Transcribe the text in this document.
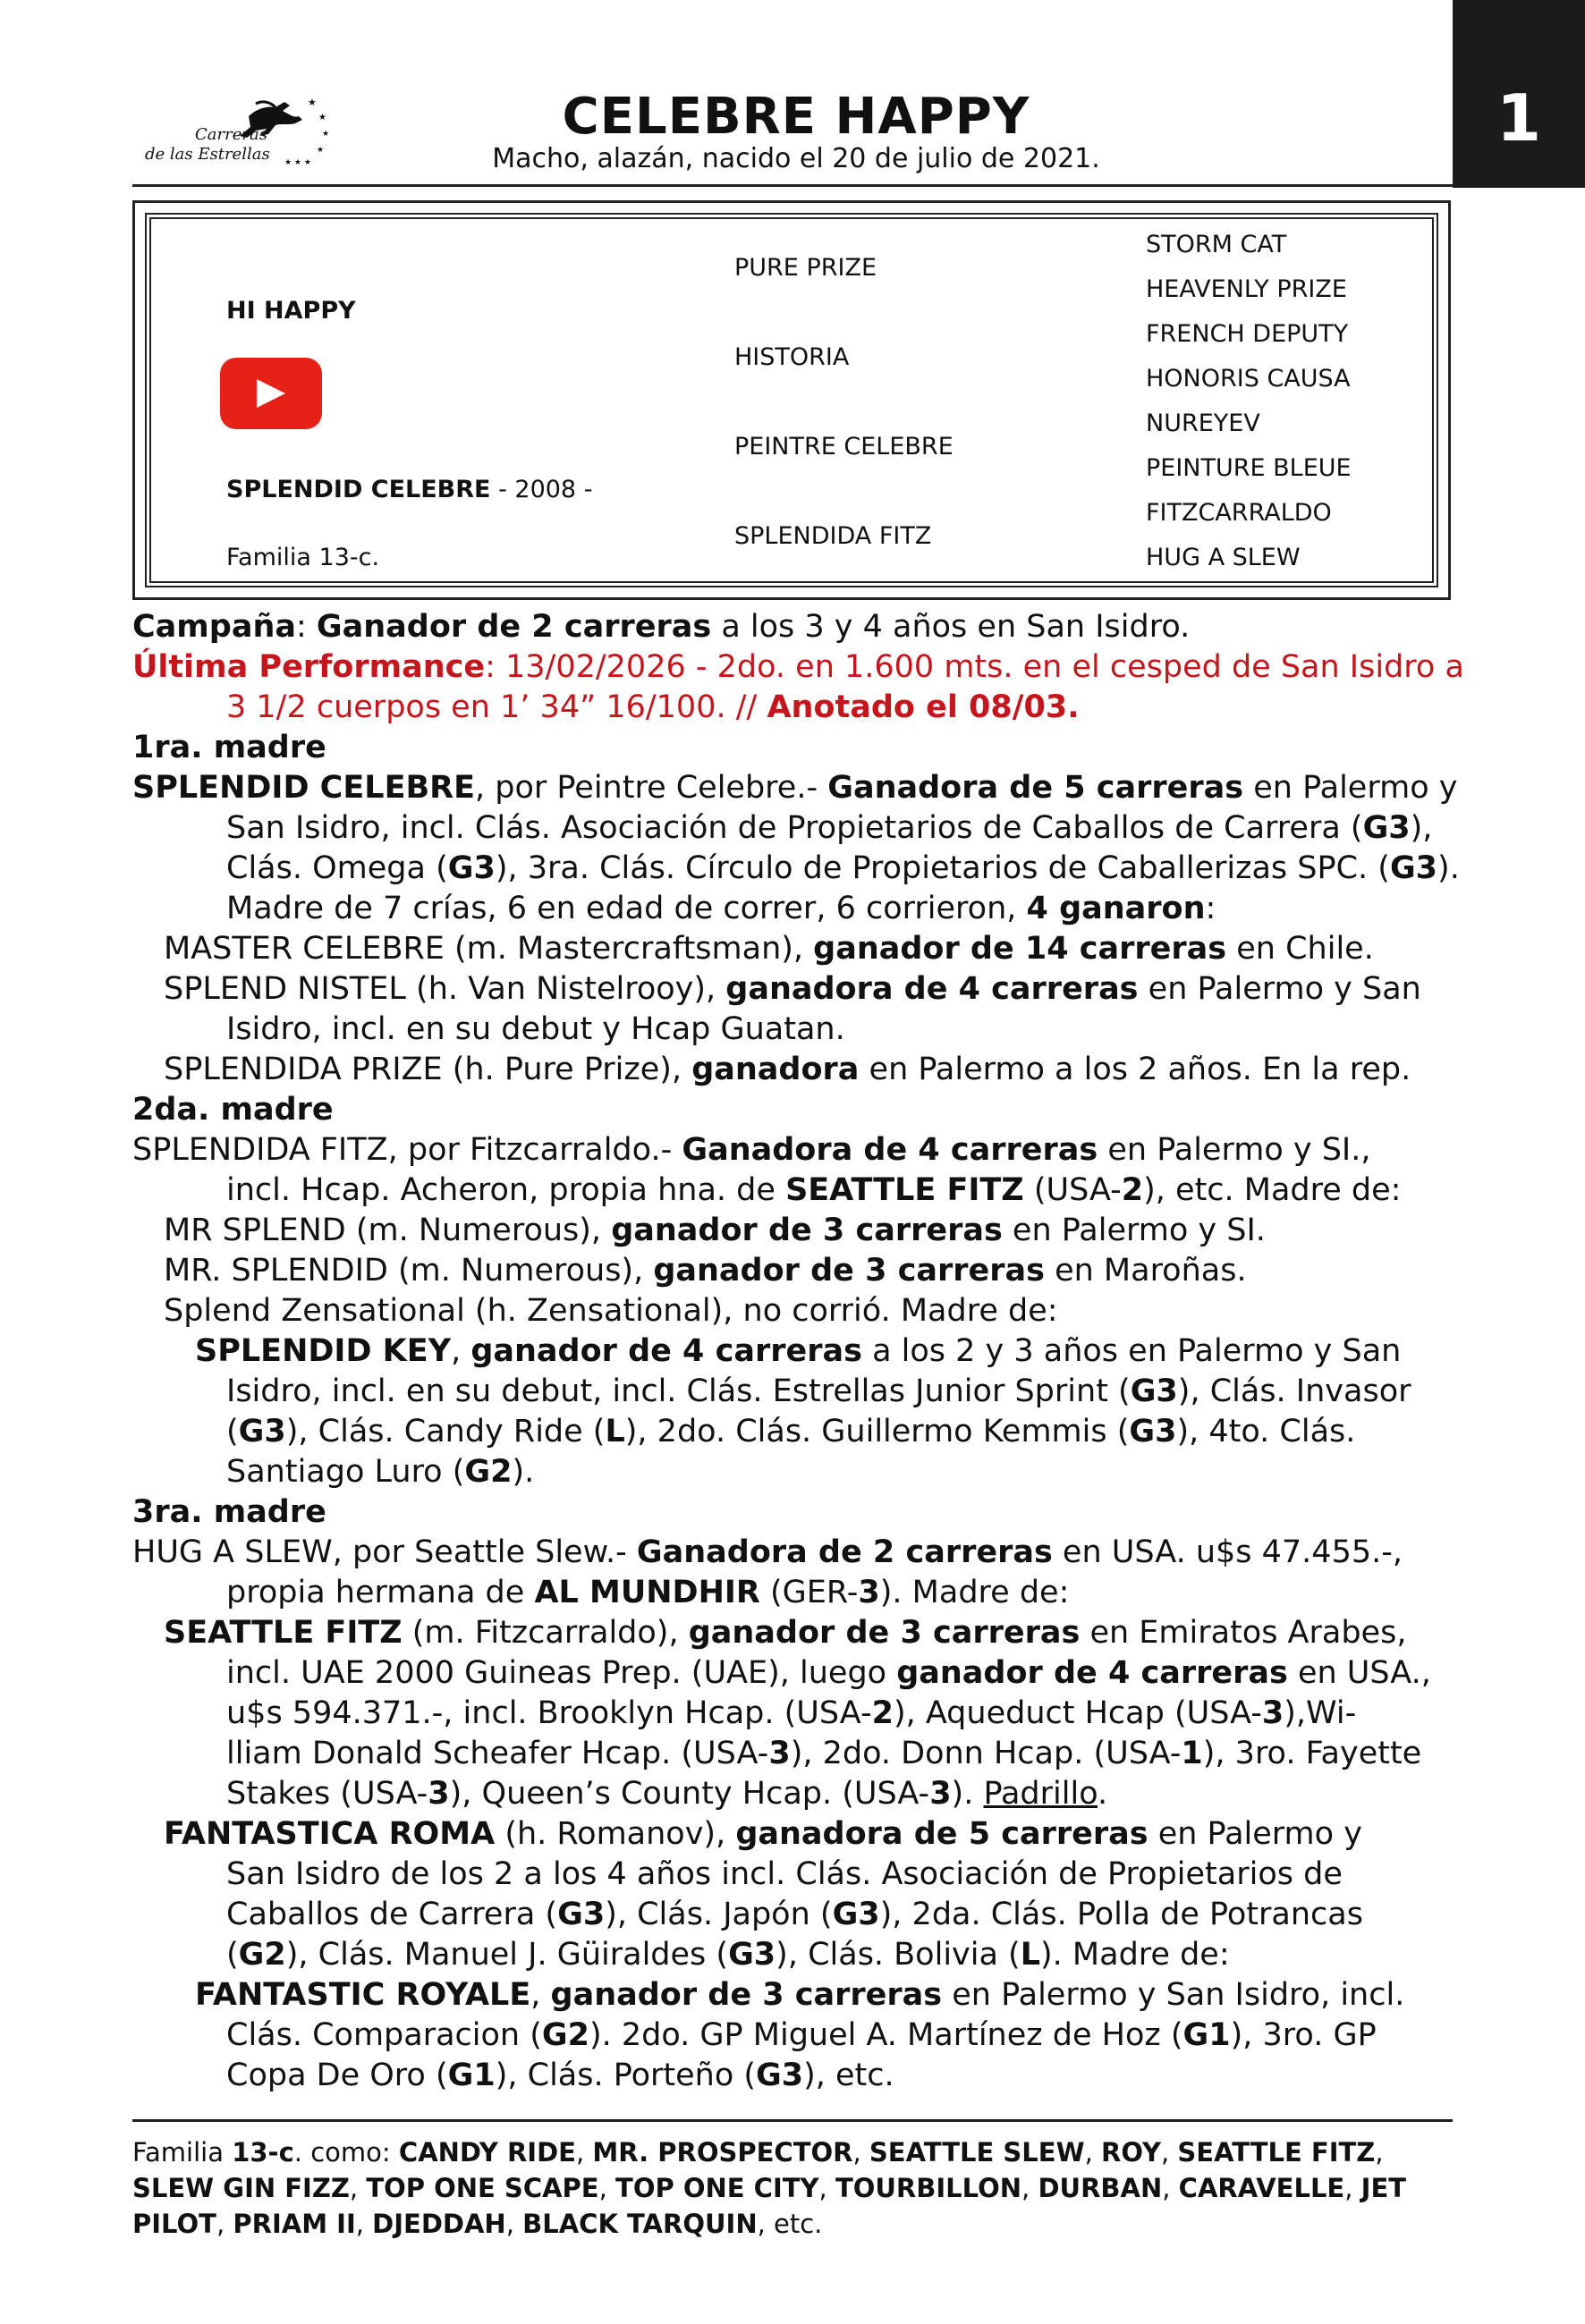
★
★
★
★
★ ★ ★
Carreras
de las Estrellas
CELEBRE HAPPY
Macho, alazán, nacido el 20 de julio de 2021.
1
HI HAPPY
SPLENDID CELEBRE - 2008 -
Familia 13-c.
PURE PRIZE
HISTORIA
PEINTRE CELEBRE
SPLENDIDA FITZ
STORM CAT
HEAVENLY PRIZE
FRENCH DEPUTY
HONORIS CAUSA
NUREYEV
PEINTURE BLEUE
FITZCARRALDO
HUG A SLEW
Campaña: Ganador de 2 carreras a los 3 y 4 años en San Isidro.
Última Performance: 13/02/2026 - 2do. en 1.600 mts. en el cesped de San Isidro a
3 1/2 cuerpos en 1’ 34” 16/100. // Anotado el 08/03.
1ra. madre
SPLENDID CELEBRE, por Peintre Celebre.- Ganadora de 5 carreras en Palermo y
San Isidro, incl. Clás. Asociación de Propietarios de Caballos de Carrera (G3),
Clás. Omega (G3), 3ra. Clás. Círculo de Propietarios de Caballerizas SPC. (G3).
Madre de 7 crías, 6 en edad de correr, 6 corrieron, 4 ganaron:
MASTER CELEBRE (m. Mastercraftsman), ganador de 14 carreras en Chile.
SPLEND NISTEL (h. Van Nistelrooy), ganadora de 4 carreras en Palermo y San
Isidro, incl. en su debut y Hcap Guatan.
SPLENDIDA PRIZE (h. Pure Prize), ganadora en Palermo a los 2 años. En la rep.
2da. madre
SPLENDIDA FITZ, por Fitzcarraldo.- Ganadora de 4 carreras en Palermo y SI.,
incl. Hcap. Acheron, propia hna. de SEATTLE FITZ (USA-2), etc. Madre de:
MR SPLEND (m. Numerous), ganador de 3 carreras en Palermo y SI.
MR. SPLENDID (m. Numerous), ganador de 3 carreras en Maroñas.
Splend Zensational (h. Zensational), no corrió. Madre de:
SPLENDID KEY, ganador de 4 carreras a los 2 y 3 años en Palermo y San
Isidro, incl. en su debut, incl. Clás. Estrellas Junior Sprint (G3), Clás. Invasor
(G3), Clás. Candy Ride (L), 2do. Clás. Guillermo Kemmis (G3), 4to. Clás.
Santiago Luro (G2).
3ra. madre
HUG A SLEW, por Seattle Slew.- Ganadora de 2 carreras en USA. u$s 47.455.-,
propia hermana de AL MUNDHIR (GER-3). Madre de:
SEATTLE FITZ (m. Fitzcarraldo), ganador de 3 carreras en Emiratos Arabes,
incl. UAE 2000 Guineas Prep. (UAE), luego ganador de 4 carreras en USA.,
u$s 594.371.-, incl. Brooklyn Hcap. (USA-2), Aqueduct Hcap (USA-3),Wi-
lliam Donald Scheafer Hcap. (USA-3), 2do. Donn Hcap. (USA-1), 3ro. Fayette
Stakes (USA-3), Queen’s County Hcap. (USA-3). Padrillo.
FANTASTICA ROMA (h. Romanov), ganadora de 5 carreras en Palermo y
San Isidro de los 2 a los 4 años incl. Clás. Asociación de Propietarios de
Caballos de Carrera (G3), Clás. Japón (G3), 2da. Clás. Polla de Potrancas
(G2), Clás. Manuel J. Güiraldes (G3), Clás. Bolivia (L). Madre de:
FANTASTIC ROYALE, ganador de 3 carreras en Palermo y San Isidro, incl.
Clás. Comparacion (G2). 2do. GP Miguel A. Martínez de Hoz (G1), 3ro. GP
Copa De Oro (G1), Clás. Porteño (G3), etc.
Familia 13-c. como: CANDY RIDE, MR. PROSPECTOR, SEATTLE SLEW, ROY, SEATTLE FITZ,
SLEW GIN FIZZ, TOP ONE SCAPE, TOP ONE CITY, TOURBILLON, DURBAN, CARAVELLE, JET
PILOT, PRIAM II, DJEDDAH, BLACK TARQUIN, etc.
